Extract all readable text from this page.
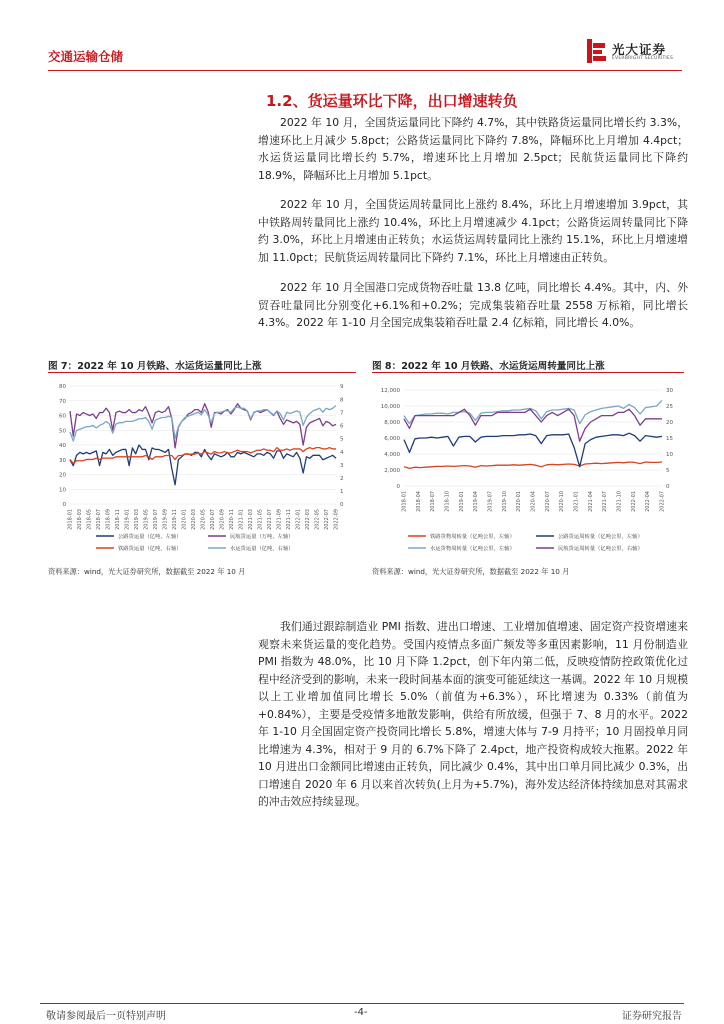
交通运输仓储	光大证券
EVERBRIGHT SECURITIES
1.2、货运量环比下降，出口增速转负

2022 年 10 月，全国货运量同比下降约 4.7%，其中铁路货运量同比增长约 3.3%，增速环比上月减少 5.8pct；公路货运量同比下降约 7.8%，降幅环比上月增加 4.4pct；水运货运量同比增长约 5.7%，增速环比上月增加 2.5pct；民航货运量同比下降约 18.9%，降幅环比上月增加 5.1pct。

2022 年 10 月，全国货运周转量同比上涨约 8.4%，环比上月增速增加 3.9pct，其中铁路周转量同比上涨约 10.4%，环比上月增速减少 4.1pct；公路货运周转量同比下降约 3.0%，环比上月增速由正转负；水运货运周转量同比上涨约 15.1%，环比上月增速增加 11.0pct；民航货运周转量同比下降约 7.1%，环比上月增速由正转负。

2022 年 10 月全国港口完成货物吞吐量 13.8 亿吨，同比增长 4.4%。其中，内、外贸吞吐量同比分别变化+6.1%和+0.2%；完成集装箱吞吐量 2558 万标箱，同比增长 4.3%。2022 年 1-10 月全国完成集装箱吞吐量 2.4 亿标箱，同比增长 4.0%。

图 7：2022 年 10 月铁路、水运货运量同比上涨
0
10
20
30
40
50
60
70
80
0
1
2
3
4
5
6
7
8
9
2018-01 2018-03 2018-05 2018-07 2018-09 2018-11 2019-01 2019-03 2019-05 2019-07 2019-09 2019-11 2020-01 2020-03 2020-05 2020-07 2020-09 2020-11 2021-01 2021-03 2021-05 2021-07 2021-09 2021-11 2022-01 2022-03 2022-05 2022-07 2022-09
公路货运量（亿吨，左轴）	民航货运量（万吨，左轴）
铁路货运量（亿吨，右轴）	水运货运量（亿吨，右轴）
资料来源：wind，光大证券研究所，数据截至 2022 年 10 月
图 8：2022 年 10 月铁路、水运货运周转量同比上涨
0
2,000
4,000
6,000
8,000
10,000
12,000
0
5
10
15
20
25
30
2018-01 2018-04 2018-07 2018-10 2019-01 2019-04 2019-07 2019-10 2020-01 2020-04 2020-07 2020-10 2021-01 2021-04 2021-07 2021-10 2022-01 2022-04 2022-07
铁路货物周转量（亿吨公里，左轴）	公路货运周转量（亿吨公里，左轴）
水运货物周转量（亿吨公里，左轴）	民航货运周转量（亿吨公里，右轴）
资料来源：wind，光大证券研究所，数据截至 2022 年 10 月

我们通过跟踪制造业 PMI 指数、进出口增速、工业增加值增速、固定资产投资增速来观察未来货运量的变化趋势。受国内疫情点多面广频发等多重因素影响，11 月份制造业 PMI 指数为 48.0%，比 10 月下降 1.2pct，创下年内第二低，反映疫情防控政策优化过程中经济受到的影响，未来一段时间基本面的演变可能延续这一基调。2022 年 10 月规模以上工业增加值同比增长 5.0%（前值为+6.3%），环比增速为 0.33%（前值为+0.84%），主要是受疫情多地散发影响，供给有所放缓，但强于 7、8 月的水平。2022 年 1-10 月全国固定资产投资同比增长 5.8%，增速大体与 7-9 月持平；10 月固投单月同比增速为 4.3%，相对于 9 月的 6.7%下降了 2.4pct，地产投资构成较大拖累。2022 年 10 月进出口金额同比增速由正转负，同比减少 0.4%，其中出口单月同比减少 0.3%，出口增速自 2020 年 6 月以来首次转负(上月为+5.7%)，海外发达经济体持续加息对其需求的冲击效应持续显现。

敬请参阅最后一页特别声明	-4-	证券研究报告
